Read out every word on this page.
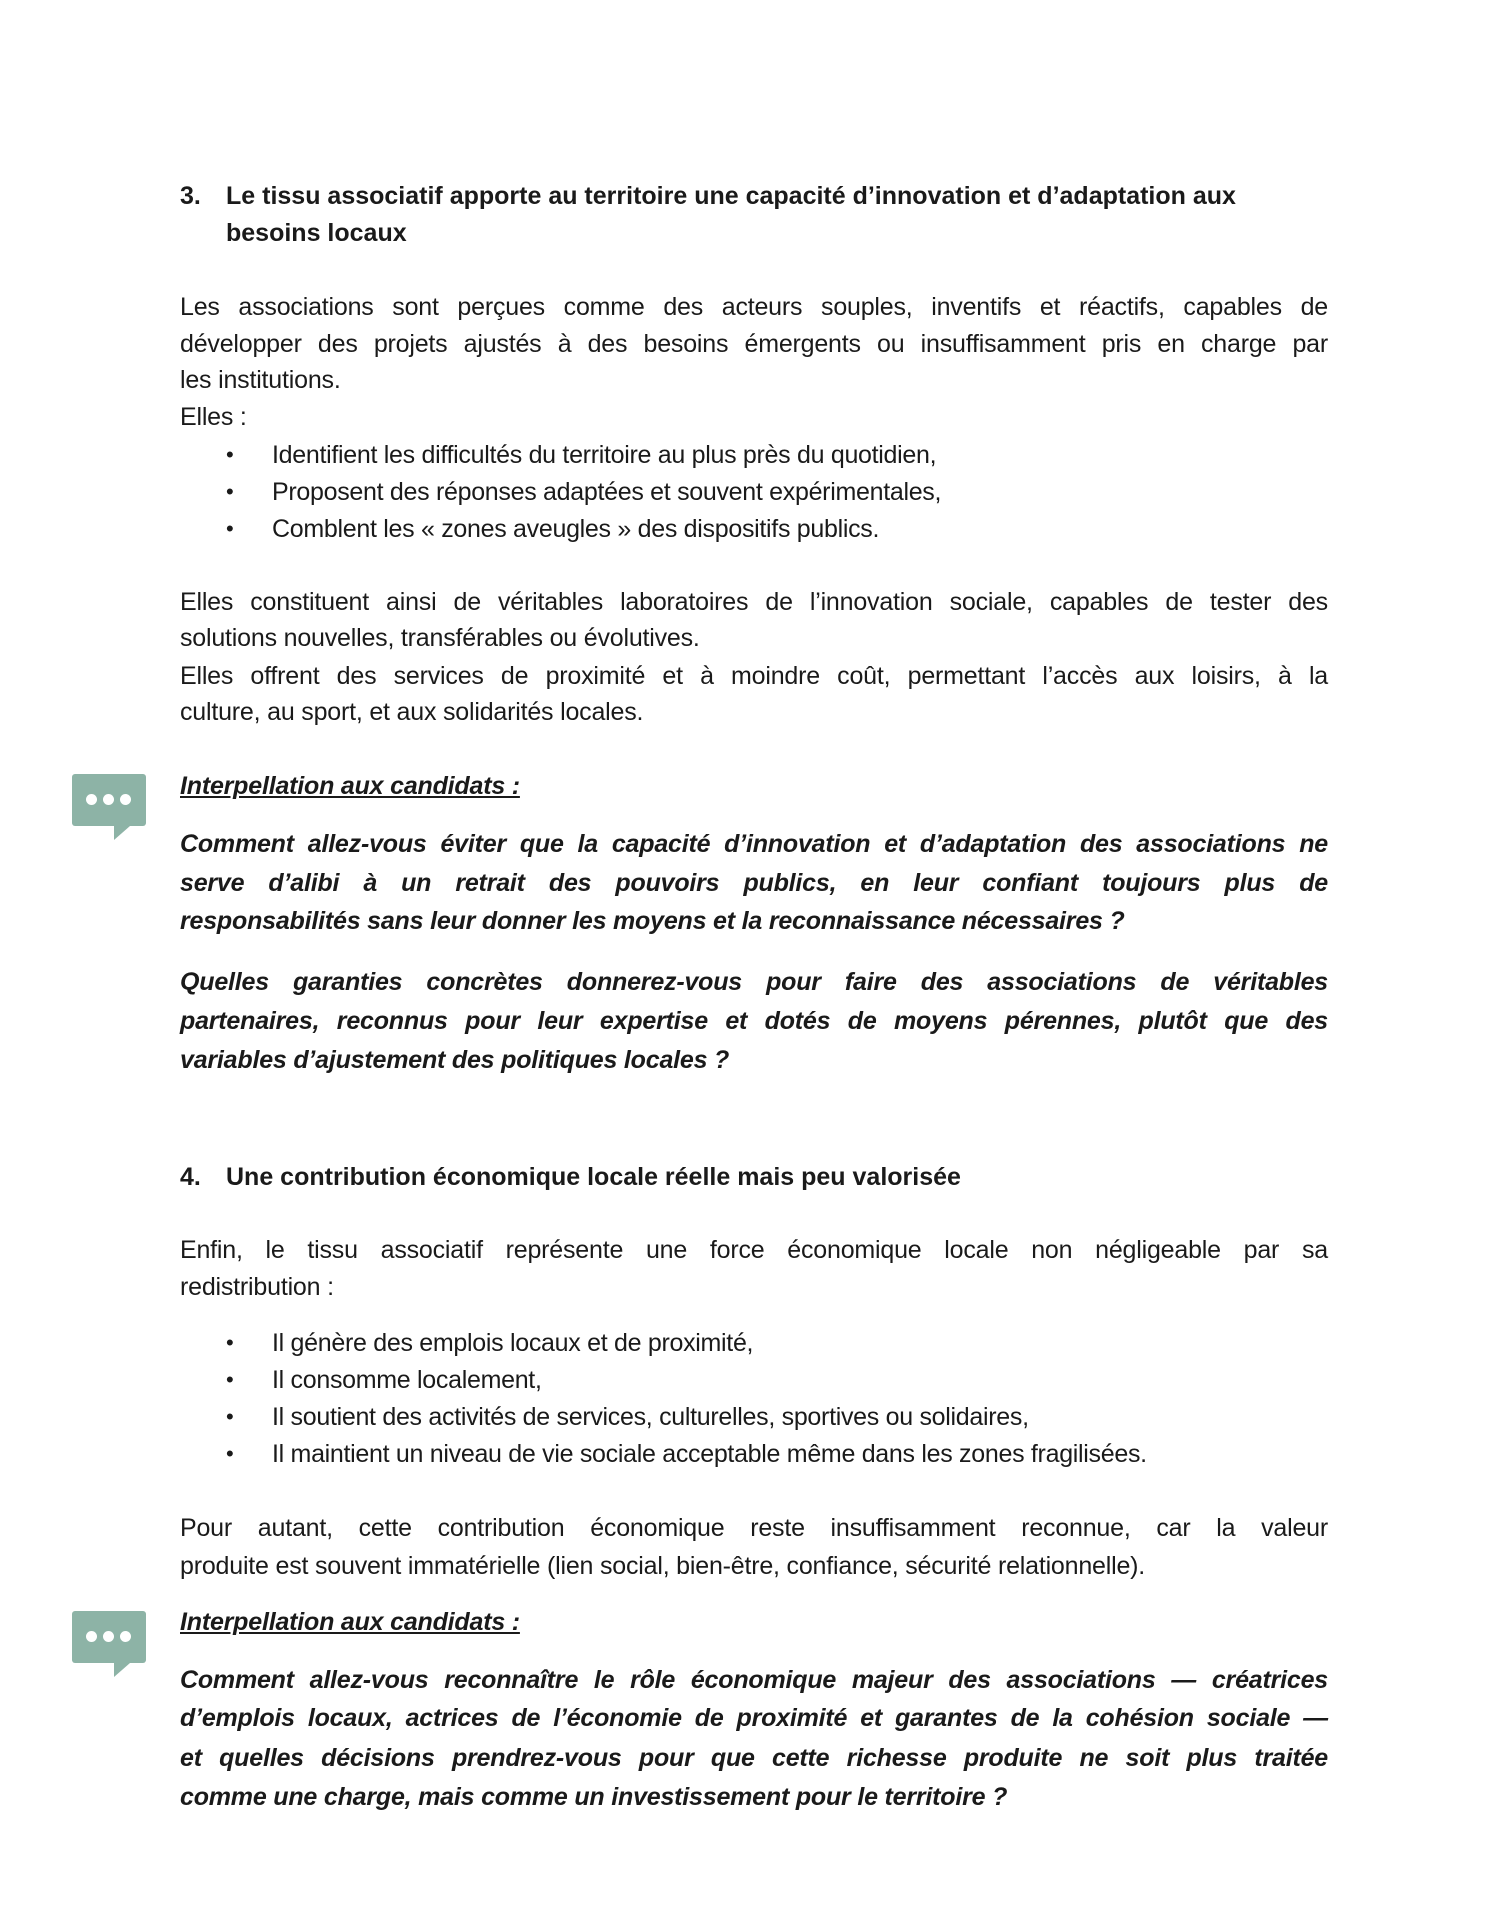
3. Le tissu associatif apporte au territoire une capacité d’innovation et d’adaptation aux
besoins locaux
Les associations sont perçues comme des acteurs souples, inventifs et réactifs, capables de
développer des projets ajustés à des besoins émergents ou insuffisamment pris en charge par
les institutions.
Elles :
• Identifient les difficultés du territoire au plus près du quotidien,
• Proposent des réponses adaptées et souvent expérimentales,
• Comblent les « zones aveugles » des dispositifs publics.
Elles constituent ainsi de véritables laboratoires de l’innovation sociale, capables de tester des
solutions nouvelles, transférables ou évolutives.
Elles offrent des services de proximité et à moindre coût, permettant l’accès aux loisirs, à la
culture, au sport, et aux solidarités locales.
Interpellation aux candidats :
Comment allez-vous éviter que la capacité d’innovation et d’adaptation des associations ne
serve d’alibi à un retrait des pouvoirs publics, en leur confiant toujours plus de
responsabilités sans leur donner les moyens et la reconnaissance nécessaires ?
Quelles garanties concrètes donnerez-vous pour faire des associations de véritables
partenaires, reconnus pour leur expertise et dotés de moyens pérennes, plutôt que des
variables d’ajustement des politiques locales ?
4. Une contribution économique locale réelle mais peu valorisée
Enfin, le tissu associatif représente une force économique locale non négligeable par sa
redistribution :
• Il génère des emplois locaux et de proximité,
• Il consomme localement,
• Il soutient des activités de services, culturelles, sportives ou solidaires,
• Il maintient un niveau de vie sociale acceptable même dans les zones fragilisées.
Pour autant, cette contribution économique reste insuffisamment reconnue, car la valeur
produite est souvent immatérielle (lien social, bien-être, confiance, sécurité relationnelle).
Interpellation aux candidats :
Comment allez-vous reconnaître le rôle économique majeur des associations — créatrices
d’emplois locaux, actrices de l’économie de proximité et garantes de la cohésion sociale —
et quelles décisions prendrez-vous pour que cette richesse produite ne soit plus traitée
comme une charge, mais comme un investissement pour le territoire ?
